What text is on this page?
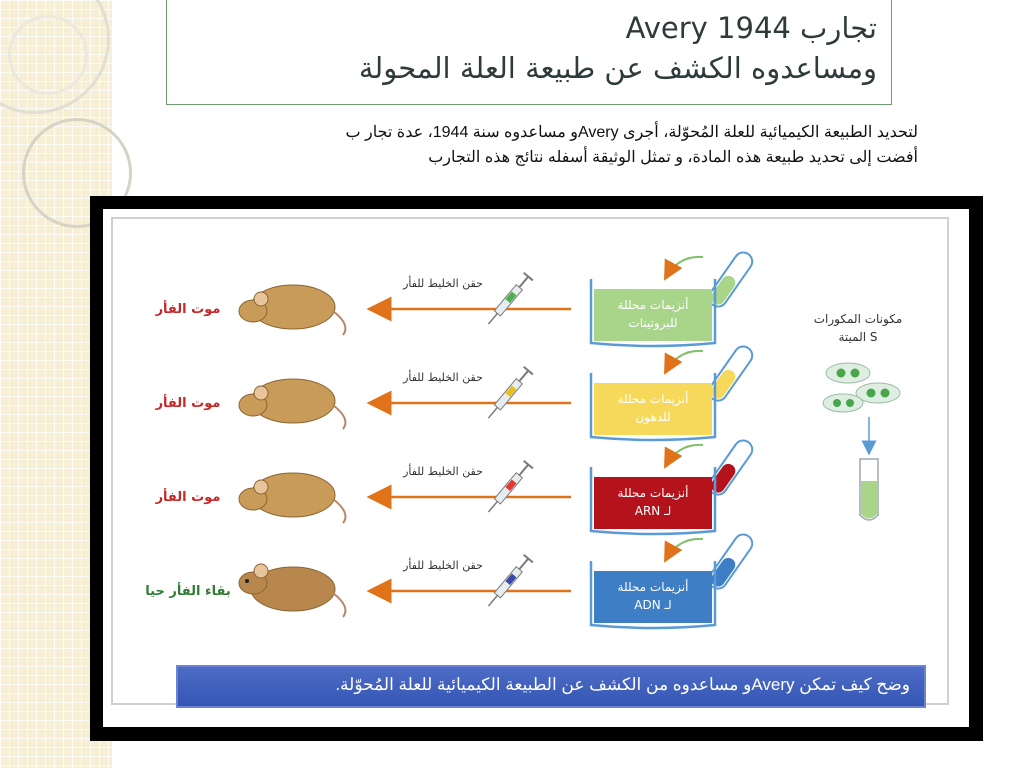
تجارب Avery 1944
ومساعدوه الكشف عن طبيعة العلة المحولة
لتحديد الطبيعة الكيميائية للعلة المُحوّلة، أجرى Averyو مساعدوه سنة 1944، عدة تجار ب
أفضت إلى تحديد طبيعة هذه المادة، و تمثل الوثيقة أسفله نتائج هذه التجارب
مكونات المكورات
S الميتة
أنزيمات محللة
للبروتينات
حقن الخليط للفأر
موت الفأر
أنزيمات محللة
للدهون
حقن الخليط للفأر
موت الفأر
أنزيمات محللة
لـ ARN
حقن الخليط للفأر
موت الفأر
أنزيمات محللة
لـ ADN
حقن الخليط للفأر
بقاء الفأر حيا
وضح كيف تمكن Averyو مساعدوه من الكشف عن الطبيعة الكيميائية للعلة المُحوّلة.
